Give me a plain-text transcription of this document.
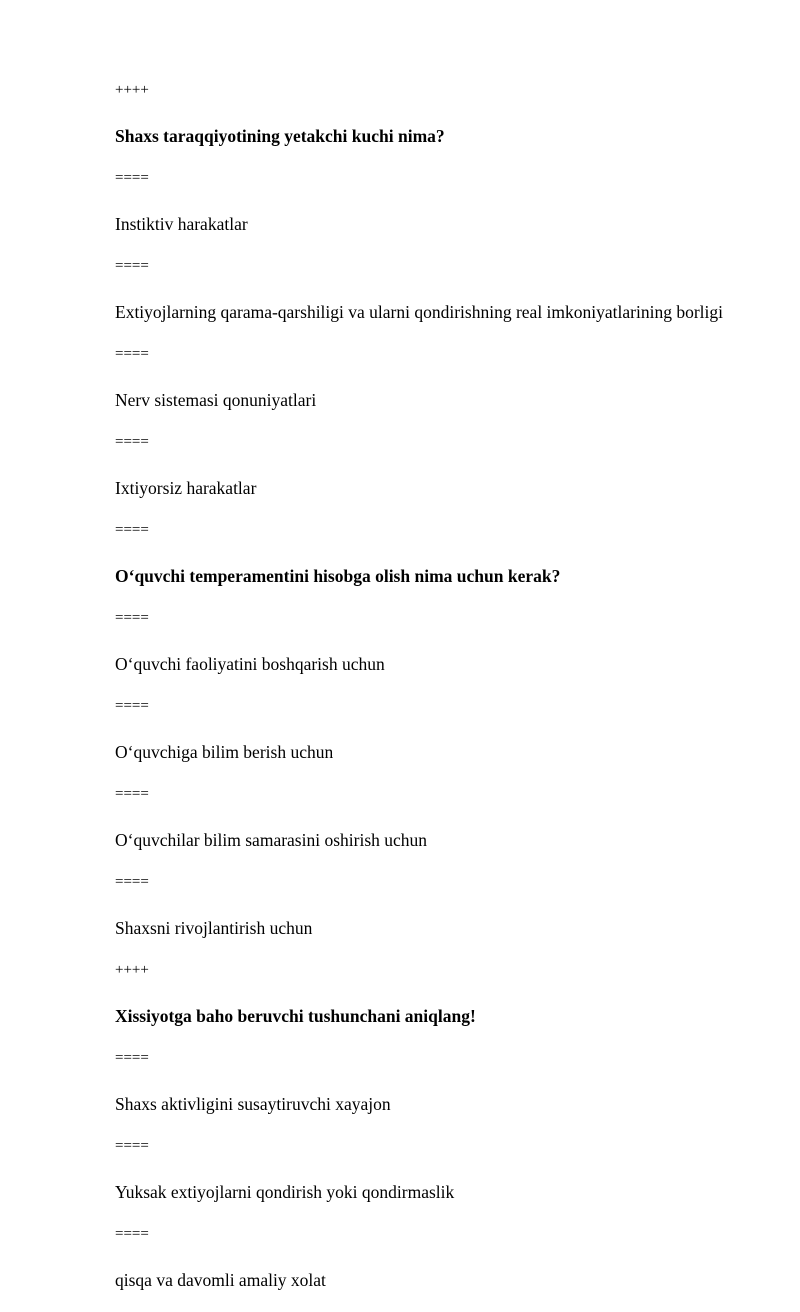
++++

Shaxs taraqqiyotining yetakchi kuchi nima?

====

Instiktiv harakatlar

====

Extiyojlarning qarama-qarshiligi va ularni qondirishning real imkoniyatlarining borligi

====

Nerv sistemasi qonuniyatlari

====

Ixtiyorsiz harakatlar

====

O‘quvchi temperamentini hisobga olish nima uchun kerak?

====

O‘quvchi faoliyatini boshqarish uchun

====

O‘quvchiga bilim berish uchun

====

O‘quvchilar bilim samarasini oshirish uchun

====

Shaxsni rivojlantirish uchun

++++

Xissiyotga baho beruvchi tushunchani aniqlang!

====

Shaxs aktivligini susaytiruvchi xayajon

====

Yuksak extiyojlarni qondirish yoki qondirmaslik

====

qisqa va davomli amaliy xolat
